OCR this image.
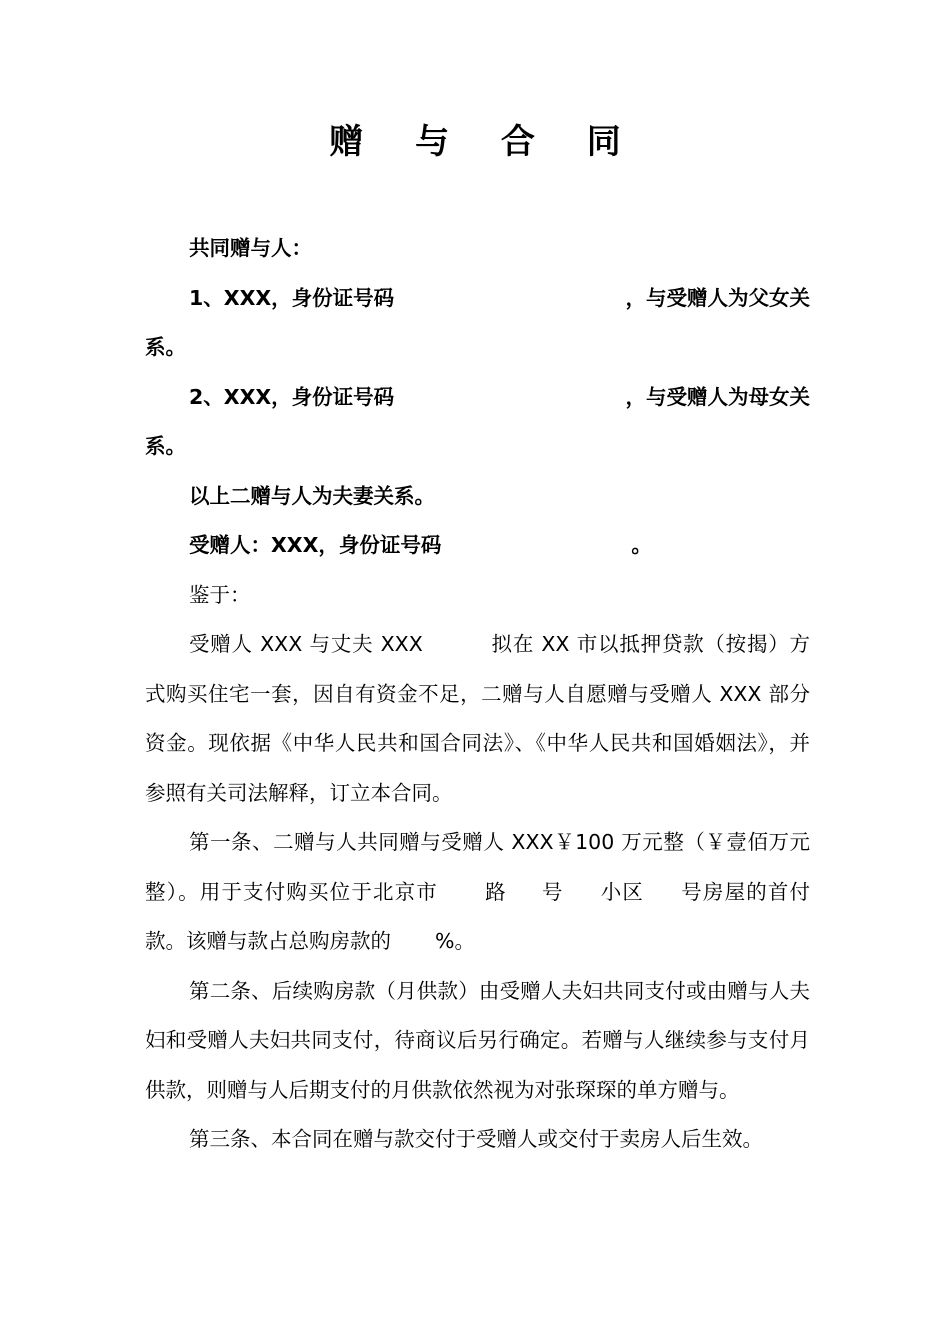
赠 与 合 同

共同赠与人：

1、XXX，身份证号码	，与受赠人为父女关

系。

2、XXX，身份证号码	，与受赠人为母女关

系。

以上二赠与人为夫妻关系。

受赠人：XXX，身份证号码	。

鉴于：

受赠人 XXX 与丈夫 XXX	拟在 XX 市以抵押贷款（按揭）方式购买住宅一套，因自有资金不足，二赠与人自愿赠与受赠人 XXX 部分资金。现依据《中华人民共和国合同法》、《中华人民共和国婚姻法》，并参照有关司法解释，订立本合同。

第一条、二赠与人共同赠与受赠人 XXX￥100 万元整（￥壹佰万元整）。用于支付购买位于北京市 路 号 小区 号房屋的首付款。该赠与款占总购房款的 %。

第二条、后续购房款（月供款）由受赠人夫妇共同支付或由赠与人夫妇和受赠人夫妇共同支付，待商议后另行确定。若赠与人继续参与支付月供款，则赠与人后期支付的月供款依然视为对张琛琛的单方赠与。

第三条、本合同在赠与款交付于受赠人或交付于卖房人后生效。
